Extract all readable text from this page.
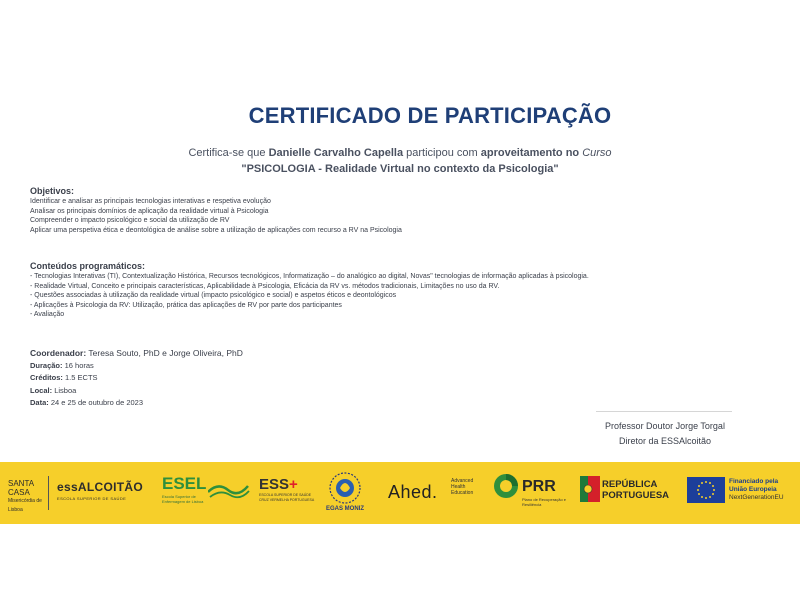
CERTIFICADO DE PARTICIPAÇÃO
Certifica-se que Danielle Carvalho Capella participou com aproveitamento no Curso
"PSICOLOGIA - Realidade Virtual no contexto da Psicologia"
Objetivos:
Identificar e analisar as principais tecnologias interativas e respetiva evolução
Analisar os principais domínios de aplicação da realidade virtual à Psicologia
Compreender o impacto psicológico e social da utilização de RV
Aplicar uma perspetiva ética e deontológica de análise sobre a utilização de aplicações com recurso a RV na Psicologia
Conteúdos programáticos:
- Tecnologias Interativas (TI), Contextualização Histórica, Recursos tecnológicos, Informatização – do analógico ao digital, Novas" tecnologias de informação aplicadas à psicologia.
- Realidade Virtual, Conceito e principais características, Aplicabilidade à Psicologia, Eficácia da RV vs. métodos tradicionais, Limitações no uso da RV.
- Questões associadas à utilização da realidade virtual (impacto psicológico e social) e aspetos éticos e deontológicos
- Aplicações à Psicologia da RV: Utilização, prática das aplicações de RV por parte dos participantes
- Avaliação
Coordenador: Teresa Souto, PhD e Jorge Oliveira, PhD
Duração: 16 horas
Créditos: 1.5 ECTS
Local: Lisboa
Data: 24 e 25 de outubro de 2023
Professor Doutor Jorge Torgal
Diretor da ESSAlcoitão
SANTA
CASA
Misericórdia de Lisboa
essALCOITÃO
ESCOLA SUPERIOR DE SAÚDE
ESEL
Escola Superior de Enfermagem de Lisboa
ESS+
ESCOLA SUPERIOR DE SAÚDE CRUZ VERMELHA PORTUGUESA
EGAS MONIZ
Ahed.
Advanced
Health
Education	PRR
Plano de Recuperação e Resiliência
REPÚBLICA
PORTUGUESA
Financiado pela
União Europeia
NextGenerationEU
